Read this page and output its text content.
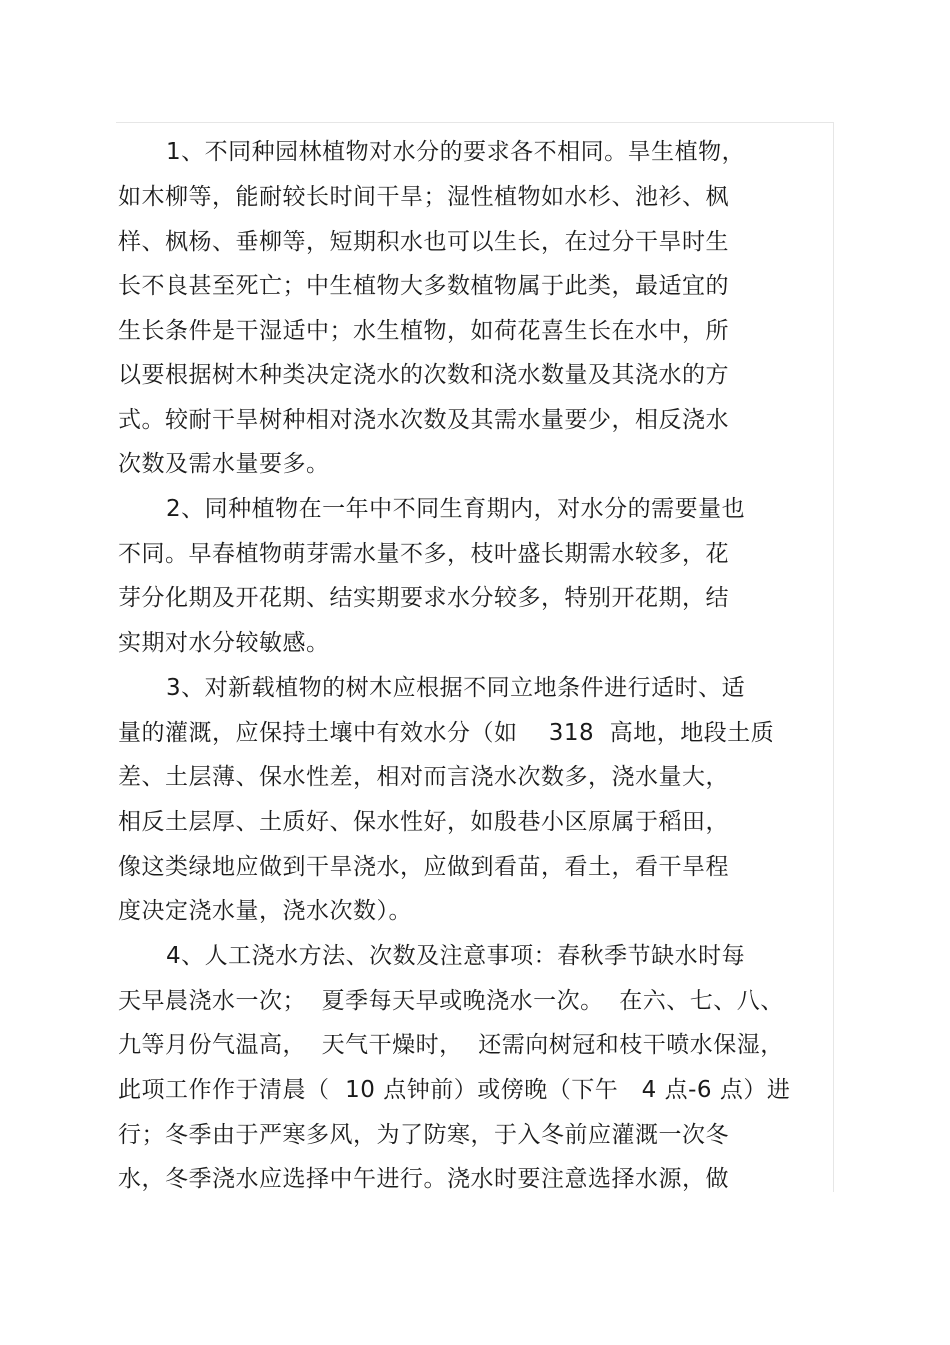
1、不同种园林植物对水分的要求各不相同。旱生植物，
如木柳等，能耐较长时间干旱；湿性植物如水杉、池衫、枫
样、枫杨、垂柳等，短期积水也可以生长，在过分干旱时生
长不良甚至死亡；中生植物大多数植物属于此类，最适宜的
生长条件是干湿适中；水生植物，如荷花喜生长在水中，所
以要根据树木种类决定浇水的次数和浇水数量及其浇水的方
式。较耐干旱树种相对浇水次数及其需水量要少，相反浇水
次数及需水量要多。
2、同种植物在一年中不同生育期内，对水分的需要量也
不同。早春植物萌芽需水量不多，枝叶盛长期需水较多，花
芽分化期及开花期、结实期要求水分较多，特别开花期，结
实期对水分较敏感。
3、对新载植物的树木应根据不同立地条件进行适时、适
量的灌溉，应保持土壤中有效水分（如    318  高地，地段土质
差、土层薄、保水性差，相对而言浇水次数多，浇水量大，
相反土层厚、土质好、保水性好，如殷巷小区原属于稻田，
像这类绿地应做到干旱浇水，应做到看苗，看土，看干旱程
度决定浇水量，浇水次数）。
4、人工浇水方法、次数及注意事项：春秋季节缺水时每
天早晨浇水一次；  夏季每天早或晚浇水一次。  在六、七、八、
九等月份气温高，  天气干燥时，  还需向树冠和枝干喷水保湿，
此项工作作于清晨（  10 点钟前）或傍晚（下午   4 点-6 点）进
行；冬季由于严寒多风，为了防寒，于入冬前应灌溉一次冬
水，冬季浇水应选择中午进行。浇水时要注意选择水源，做
